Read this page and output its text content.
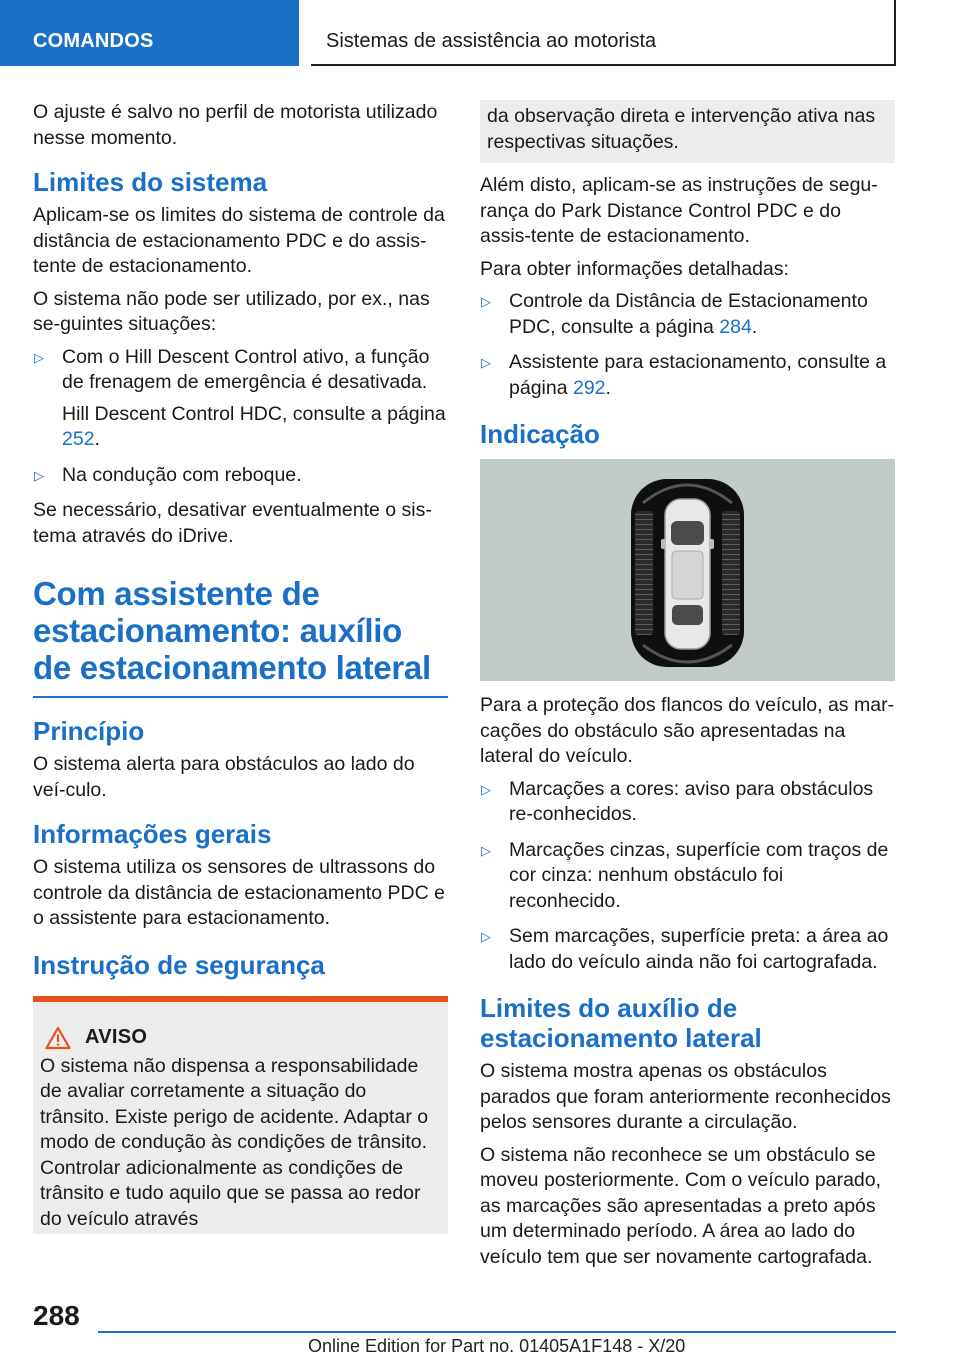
COMANDOS	Sistemas de assistência ao motorista

O ajuste é salvo no perfil de motorista utilizado nesse momento.

Limites do sistema

Aplicam-se os limites do sistema de controle da distância de estacionamento PDC e do assis-tente de estacionamento.

O sistema não pode ser utilizado, por ex., nas se-guintes situações:

▷ Com o Hill Descent Control ativo, a função de frenagem de emergência é desativada.
Hill Descent Control HDC, consulte a página 252.
▷ Na condução com reboque.

Se necessário, desativar eventualmente o sis-tema através do iDrive.

Com assistente de estacionamento: auxílio de estacionamento lateral
Princípio

O sistema alerta para obstáculos ao lado do veí-culo.

Informações gerais

O sistema utiliza os sensores de ultrassons do controle da distância de estacionamento PDC e o assistente para estacionamento.

Instrução de segurança
AVISO

O sistema não dispensa a responsabilidade de avaliar corretamente a situação do trânsito. Existe perigo de acidente. Adaptar o modo de condução às condições de trânsito. Controlar adicionalmente as condições de trânsito e tudo aquilo que se passa ao redor do veículo através

da observação direta e intervenção ativa nas respectivas situações.

Além disto, aplicam-se as instruções de segu-rança do Park Distance Control PDC e do assis-tente de estacionamento.

Para obter informações detalhadas:

▷ Controle da Distância de Estacionamento PDC, consulte a página 284.
▷ Assistente para estacionamento, consulte a página 292.
Indicação

Para a proteção dos flancos do veículo, as mar-cações do obstáculo são apresentadas na lateral do veículo.

▷ Marcações a cores: aviso para obstáculos re-conhecidos.
▷ Marcações cinzas, superfície com traços de cor cinza: nenhum obstáculo foi reconhecido.
▷ Sem marcações, superfície preta: a área ao lado do veículo ainda não foi cartografada.
Limites do auxílio de estacionamento lateral

O sistema mostra apenas os obstáculos parados que foram anteriormente reconhecidos pelos sensores durante a circulação.

O sistema não reconhece se um obstáculo se moveu posteriormente. Com o veículo parado, as marcações são apresentadas a preto após um determinado período. A área ao lado do veículo tem que ser novamente cartografada.

288
Online Edition for Part no. 01405A1F148 - X/20
